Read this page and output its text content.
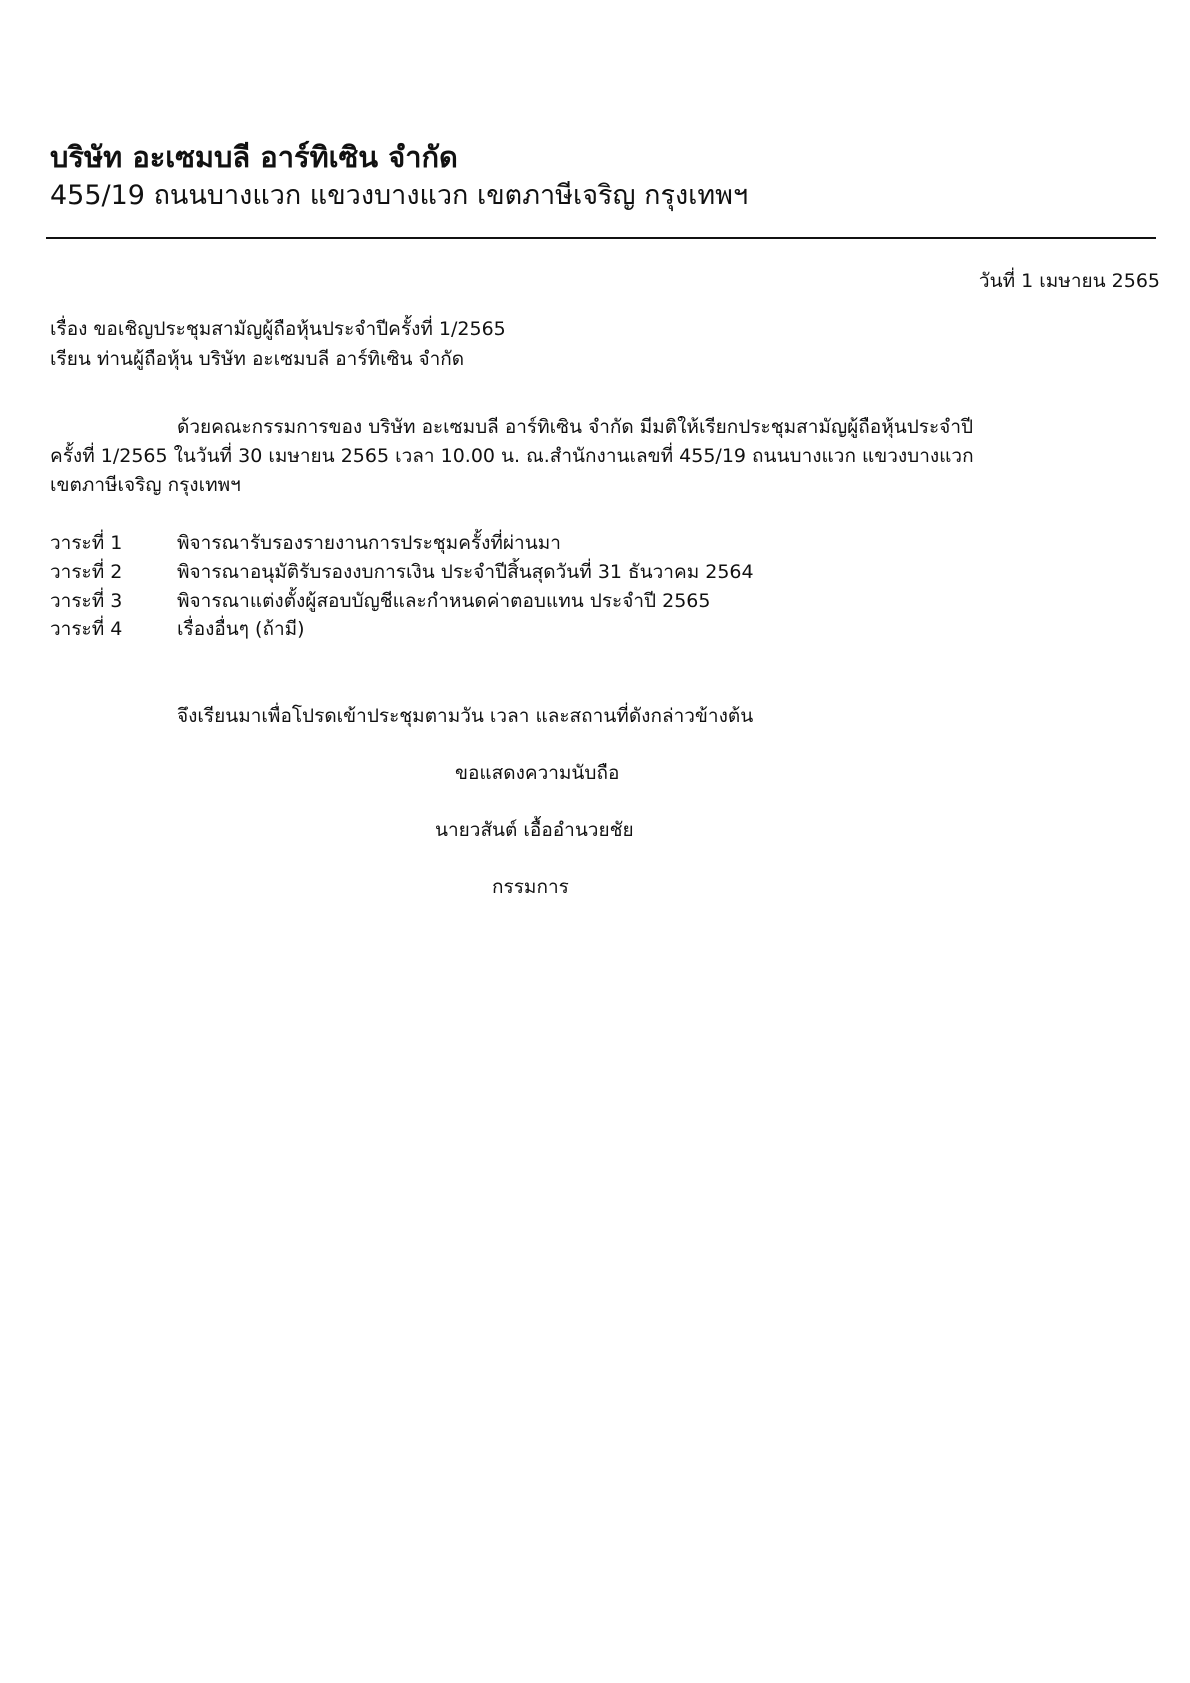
บริษัท อะเซมบลี อาร์ทิเซิน จำกัด
455/19 ถนนบางแวก แขวงบางแวก เขตภาษีเจริญ กรุงเทพฯ
วันที่ 1 เมษายน 2565
เรื่อง ขอเชิญประชุมสามัญผู้ถือหุ้นประจำปีครั้งที่ 1/2565
เรียน ท่านผู้ถือหุ้น บริษัท อะเซมบลี อาร์ทิเซิน จำกัด
ด้วยคณะกรรมการของ บริษัท อะเซมบลี อาร์ทิเซิน จำกัด มีมติให้เรียกประชุมสามัญผู้ถือหุ้นประจำปี
ครั้งที่ 1/2565 ในวันที่ 30 เมษายน 2565 เวลา 10.00 น. ณ.สำนักงานเลขที่ 455/19 ถนนบางแวก แขวงบางแวก
เขตภาษีเจริญ กรุงเทพฯ
วาระที่ 1	พิจารณารับรองรายงานการประชุมครั้งที่ผ่านมา
วาระที่ 2	พิจารณาอนุมัติรับรองงบการเงิน ประจำปีสิ้นสุดวันที่ 31 ธันวาคม 2564
วาระที่ 3	พิจารณาแต่งตั้งผู้สอบบัญชีและกำหนดค่าตอบแทน ประจำปี 2565
วาระที่ 4	เรื่องอื่นๆ (ถ้ามี)
จึงเรียนมาเพื่อโปรดเข้าประชุมตามวัน เวลา และสถานที่ดังกล่าวข้างต้น
ขอแสดงความนับถือ
นายวสันต์ เอื้ออำนวยชัย
กรรมการ
